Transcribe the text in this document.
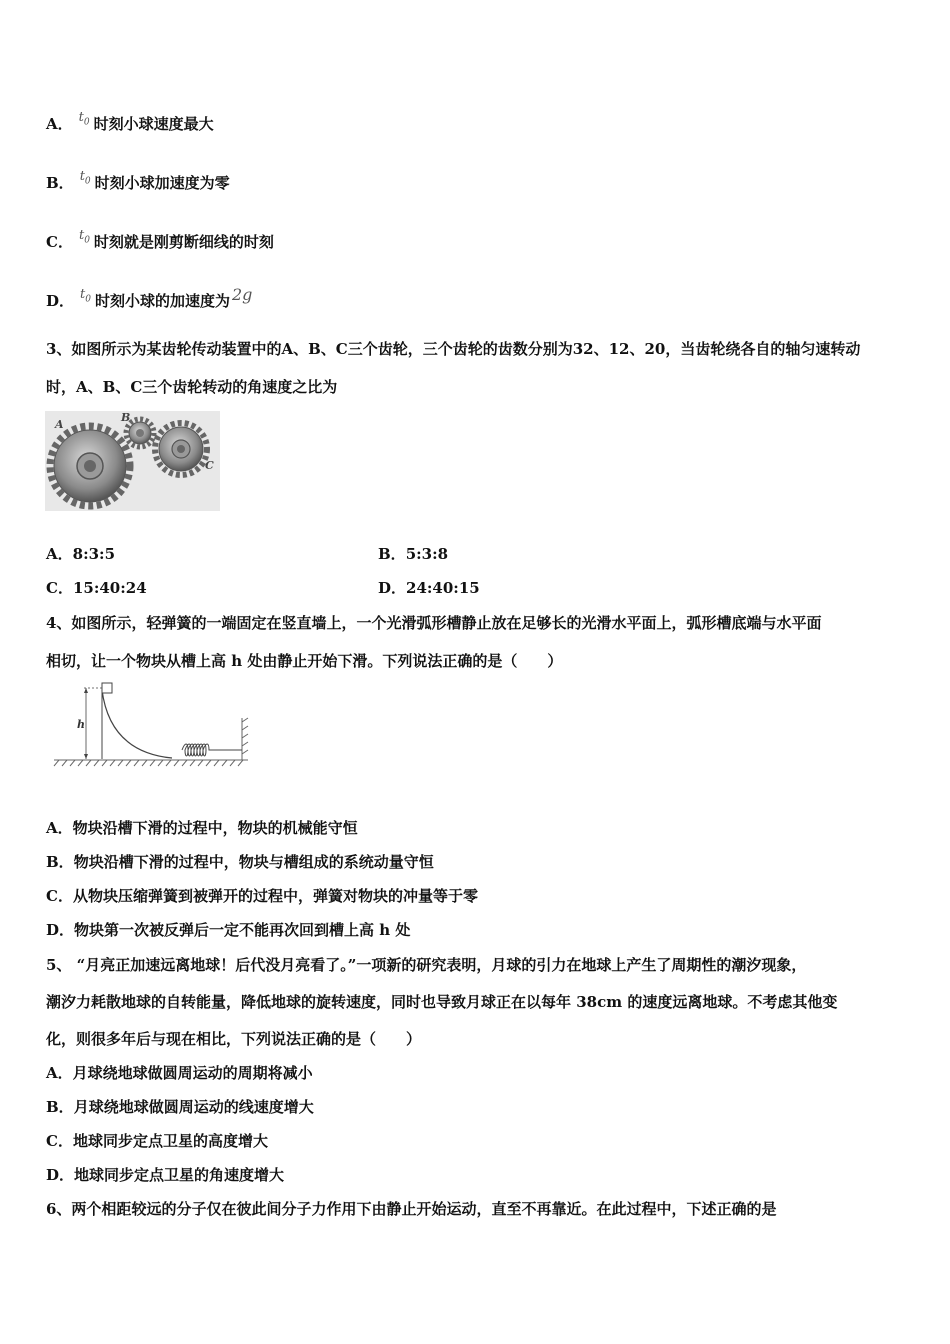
A． $t_0$ 时刻小球速度最大
B． $t_0$ 时刻小球加速度为零
C． $t_0$ 时刻就是刚剪断细线的时刻
D． $t_0$ 时刻小球的加速度为 2g
3、如图所示为某齿轮传动装置中的A、B、C三个齿轮，三个齿轮的齿数分别为32、12、20，当齿轮绕各自的轴匀速转动
时，A、B、C三个齿轮转动的角速度之比为
A
B
C
A．8:3:5	B．5:3:8
C．15:40:24	D．24:40:15
4、如图所示，轻弹簧的一端固定在竖直墙上，一个光滑弧形槽静止放在足够长的光滑水平面上，弧形槽底端与水平面
相切，让一个物块从槽上高 h 处由静止开始下滑。下列说法正确的是（　　）
h
A．物块沿槽下滑的过程中，物块的机械能守恒
B．物块沿槽下滑的过程中，物块与槽组成的系统动量守恒
C．从物块压缩弹簧到被弹开的过程中，弹簧对物块的冲量等于零
D．物块第一次被反弹后一定不能再次回到槽上高 h 处
5、 “月亮正加速远离地球！后代没月亮看了。”一项新的研究表明，月球的引力在地球上产生了周期性的潮汐现象，
潮汐力耗散地球的自转能量，降低地球的旋转速度，同时也导致月球正在以每年 38cm 的速度远离地球。不考虑其他变
化，则很多年后与现在相比，下列说法正确的是（　　）
A．月球绕地球做圆周运动的周期将减小
B．月球绕地球做圆周运动的线速度增大
C．地球同步定点卫星的高度增大
D．地球同步定点卫星的角速度增大
6、两个相距较远的分子仅在彼此间分子力作用下由静止开始运动，直至不再靠近。在此过程中，下述正确的是
